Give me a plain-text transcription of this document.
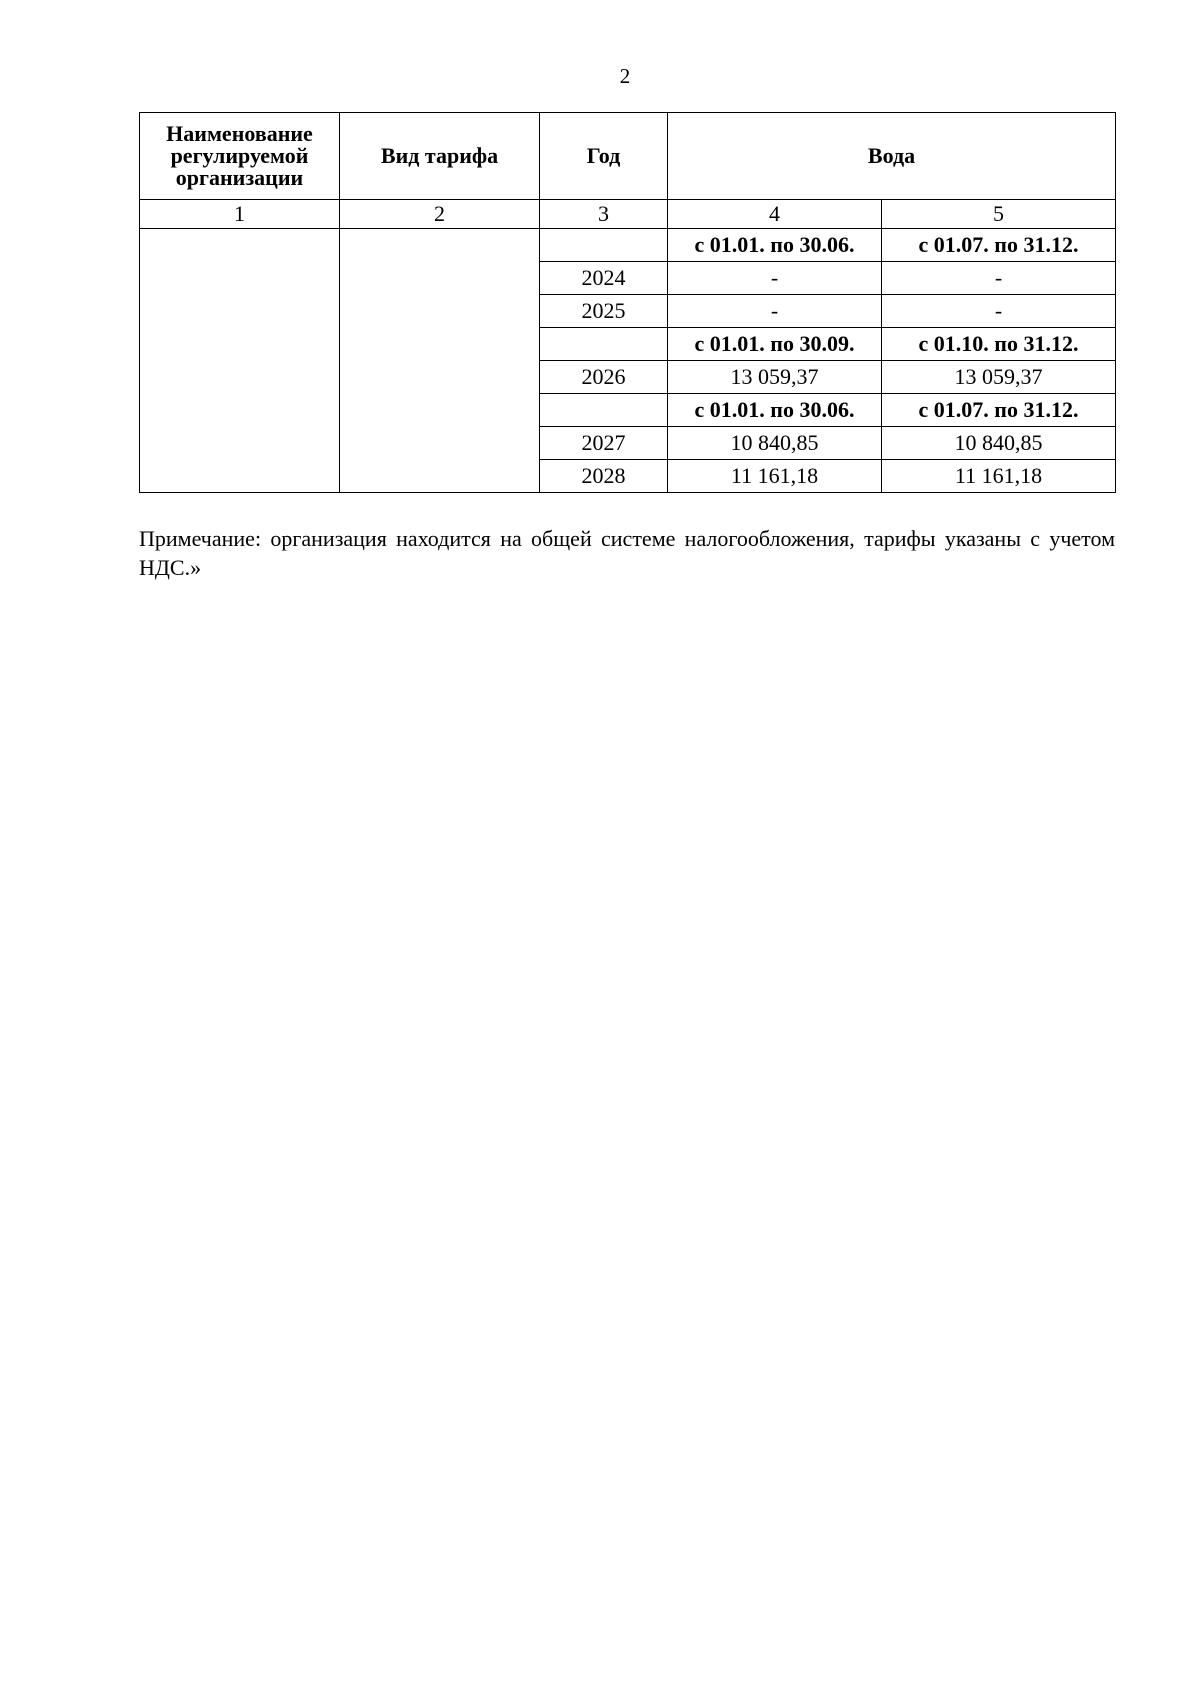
2
Наименование регулируемой организации	Вид тарифа	Год	Вода	
1	2	3	4	5
			с 01.01. по 30.06.	с 01.07. по 31.12.
		2024	-	-
		2025	-	-
			с 01.01. по 30.09.	с 01.10. по 31.12.
		2026	13 059,37	13 059,37
			с 01.01. по 30.06.	с 01.07. по 31.12.
		2027	10 840,85	10 840,85
		2028	11 161,18	11 161,18
Примечание: организация находится на общей системе налогообложения, тарифы указаны с учетом НДС.»
